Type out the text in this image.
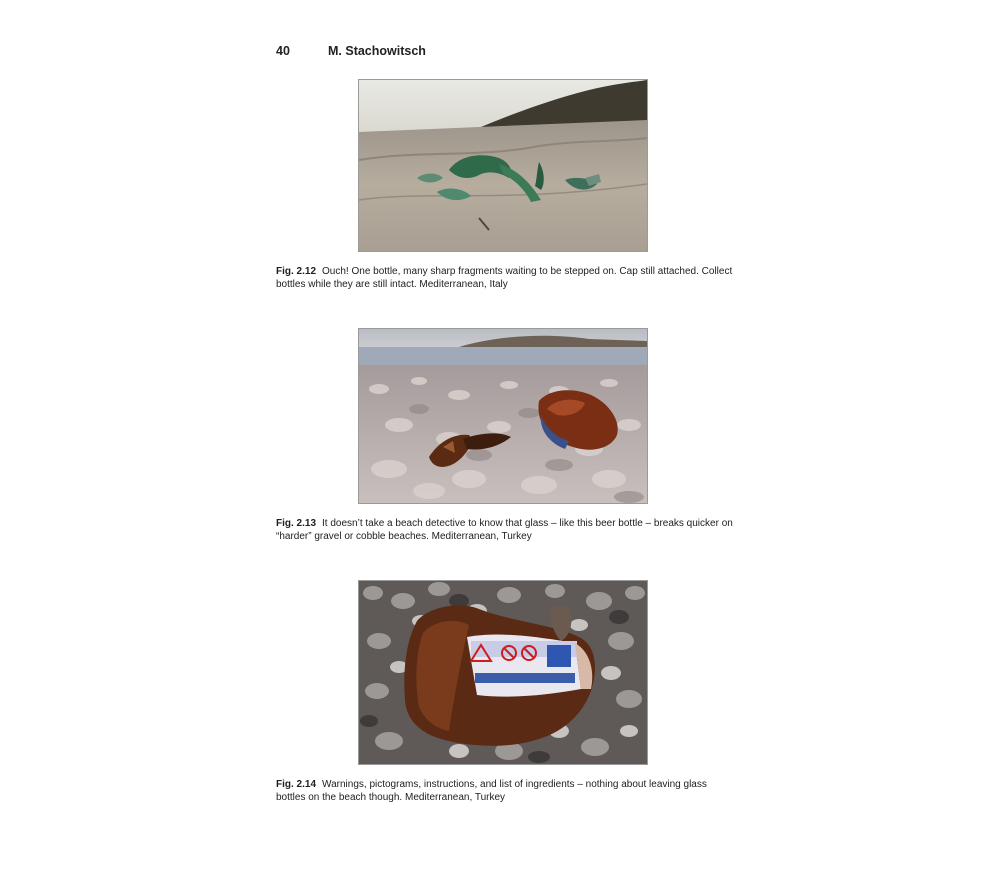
40	M. Stachowitsch
Fig. 2.12 Ouch! One bottle, many sharp fragments waiting to be stepped on. Cap still attached. Collect bottles while they are still intact. Mediterranean, Italy
Fig. 2.13 It doesn’t take a beach detective to know that glass – like this beer bottle – breaks quicker on “harder” gravel or cobble beaches. Mediterranean, Turkey
Fig. 2.14 Warnings, pictograms, instructions, and list of ingredients – nothing about leaving glass bottles on the beach though. Mediterranean, Turkey
